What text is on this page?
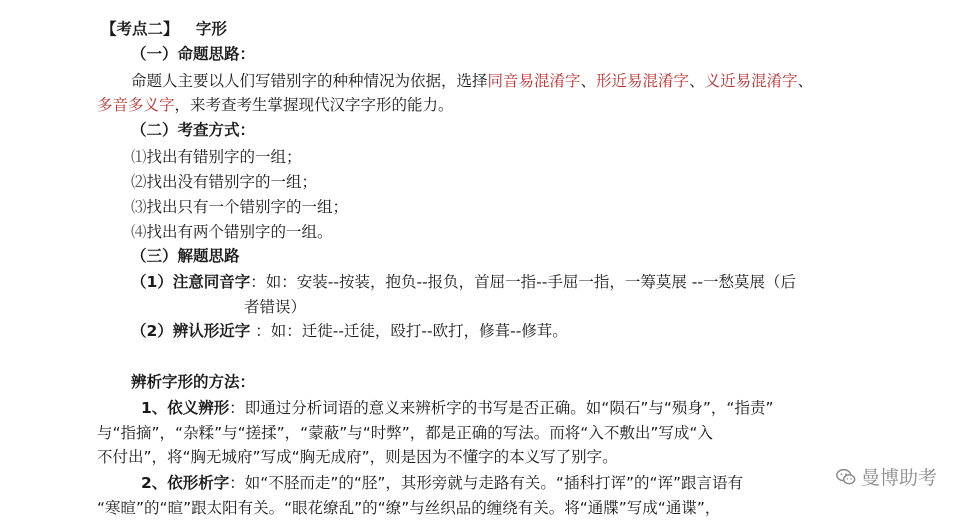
【考点二】 字形
（一）命题思路：
命题人主要以人们写错别字的种种情况为依据，选择同音易混淆字、形近易混淆字、义近易混淆字、
多音多义字，来考查考生掌握现代汉字字形的能力。
（二）考查方式：
⑴找出有错别字的一组；
⑵找出没有错别字的一组；
⑶找出只有一个错别字的一组；
⑷找出有两个错别字的一组。
（三）解题思路
（1）注意同音字：如：安装--按装，抱负--报负，首屈一指--手屈一指，一筹莫展 --一愁莫展（后
者错误）
（2）辨认形近字 ：如：迁徙--迁徒，殴打--欧打，修葺--修茸。
辨析字形的方法：
1、依义辨形：即通过分析词语的意义来辨析字的书写是否正确。如“陨石”与“殒身”，“指责”
与“指摘”，“杂糅”与“搓揉”，“蒙蔽”与“时弊”，都是正确的写法。而将“入不敷出”写成“入
不付出”，将“胸无城府”写成“胸无成府”，则是因为不懂字的本义写了别字。
2、依形析字：如“不胫而走”的“胫”，其形旁就与走路有关。“插科打诨”的“诨”跟言语有
“寒暄”的“暄”跟太阳有关。“眼花缭乱”的“缭”与丝织品的缠绕有关。将“通牒”写成“通谍”，
曼博助考
